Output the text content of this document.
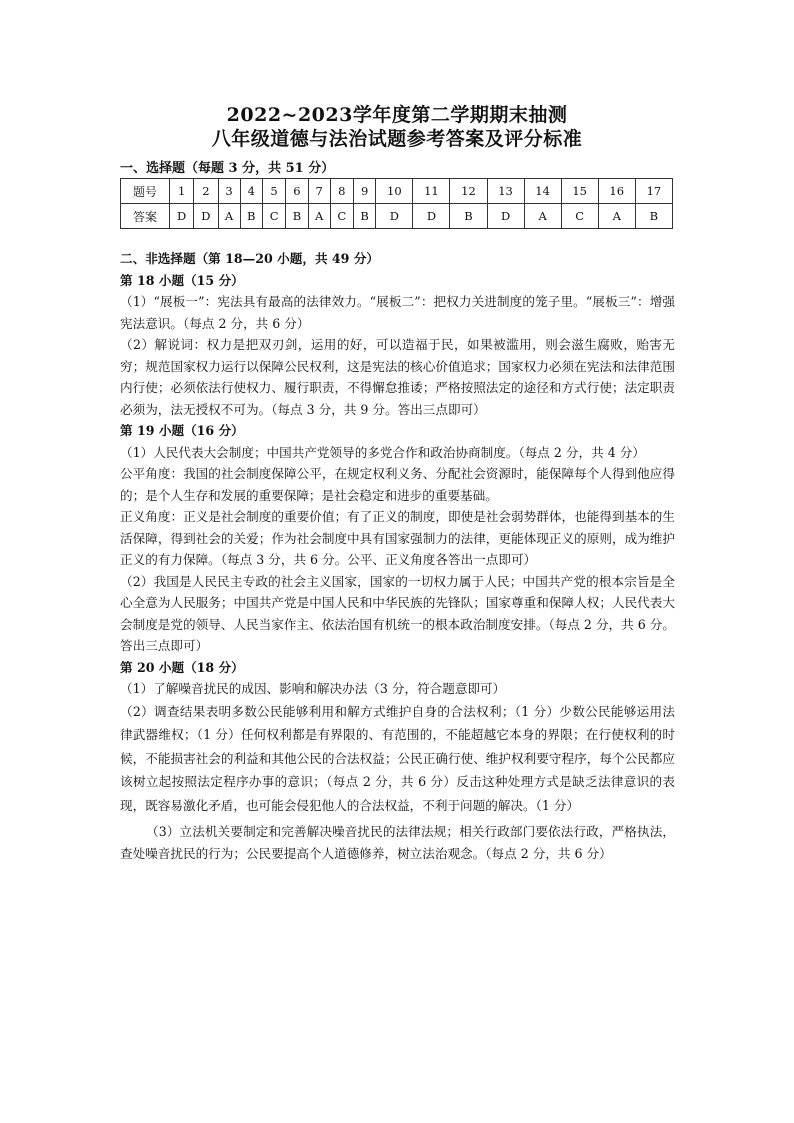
2022~2023学年度第二学期期末抽测
八年级道德与法治试题参考答案及评分标准
一、选择题（每题 3 分，共 51 分）
题号	1	2	3	4	5	6	7	8	9	10	11	12	13	14	15	16	17
答案	D	D	A	B	C	B	A	C	B	D	D	B	D	A	C	A	B

二、非选择题（第 18—20 小题，共 49 分）

第 18 小题（15 分）

（1）“展板一”：宪法具有最高的法律效力。“展板二”：把权力关进制度的笼子里。“展板三”：增强宪法意识。（每点 2 分，共 6 分）

（2）解说词：权力是把双刃剑，运用的好，可以造福于民，如果被滥用，则会滋生腐败，贻害无穷；规范国家权力运行以保障公民权利，这是宪法的核心价值追求；国家权力必须在宪法和法律范围内行使；必须依法行使权力、履行职责，不得懈怠推诿；严格按照法定的途径和方式行使；法定职责必须为，法无授权不可为。（每点 3 分，共 9 分。答出三点即可）

第 19 小题（16 分）

（1）人民代表大会制度；中国共产党领导的多党合作和政治协商制度。（每点 2 分，共 4 分）

公平角度：我国的社会制度保障公平，在规定权利义务、分配社会资源时，能保障每个人得到他应得的；是个人生存和发展的重要保障；是社会稳定和进步的重要基础。

正义角度：正义是社会制度的重要价值；有了正义的制度，即使是社会弱势群体，也能得到基本的生活保障，得到社会的关爱；作为社会制度中具有国家强制力的法律，更能体现正义的原则，成为维护正义的有力保障。（每点 3 分，共 6 分。公平、正义角度各答出一点即可）

（2）我国是人民民主专政的社会主义国家，国家的一切权力属于人民；中国共产党的根本宗旨是全心全意为人民服务；中国共产党是中国人民和中华民族的先锋队；国家尊重和保障人权；人民代表大会制度是党的领导、人民当家作主、依法治国有机统一的根本政治制度安排。（每点 2 分，共 6 分。答出三点即可）

第 20 小题（18 分）

（1）了解噪音扰民的成因、影响和解决办法（3 分，符合题意即可）

（2）调查结果表明多数公民能够利用和解方式维护自身的合法权利；（1 分）少数公民能够运用法律武器维权；（1 分）任何权利都是有界限的、有范围的，不能超越它本身的界限；在行使权利的时候，不能损害社会的利益和其他公民的合法权益；公民正确行使、维护权利要守程序，每个公民都应该树立起按照法定程序办事的意识；（每点 2 分，共 6 分）反击这种处理方式是缺乏法律意识的表现，既容易激化矛盾，也可能会侵犯他人的合法权益，不利于问题的解决。（1 分）

（3）立法机关要制定和完善解决噪音扰民的法律法规；相关行政部门要依法行政，严格执法，查处噪音扰民的行为；公民要提高个人道德修养，树立法治观念。（每点 2 分，共 6 分）
